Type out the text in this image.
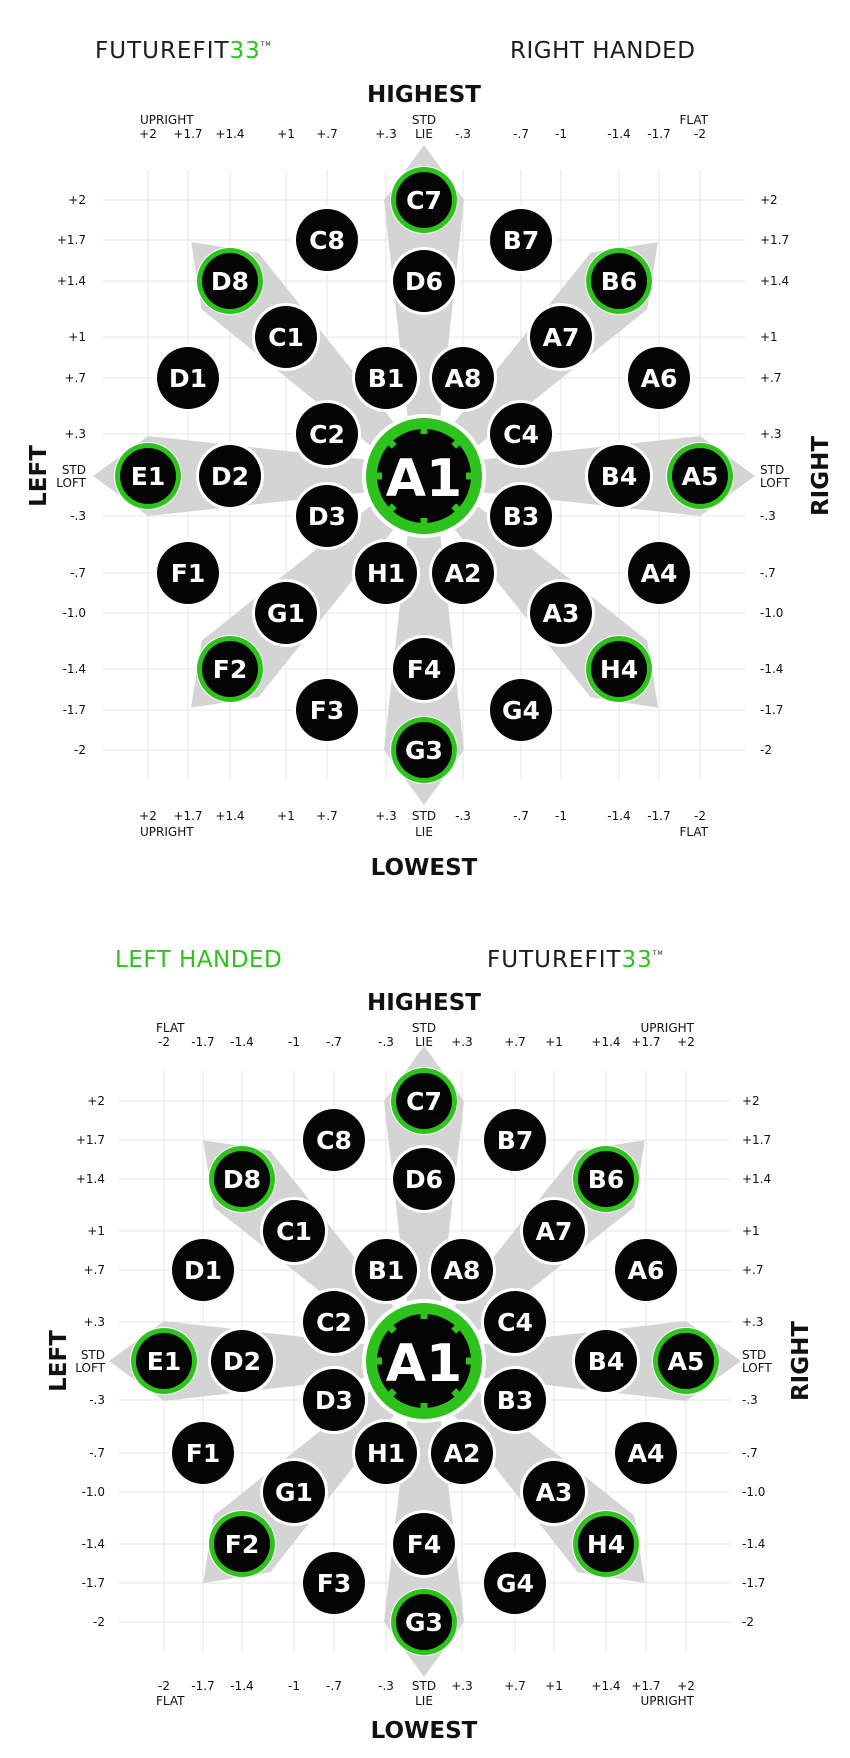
FUTUREFIT33™	RIGHT HANDED
C7
C8	B7
D8	D6	B6
C1	A7
D1	B1 A8	A6
C2	C4
E1 D2	B4 A5
D3	B3
F1	H1 A2	A4
G1	A3
F2	F4	H4
F3	G4
G3
A1
HIGHEST
LOWEST
LEFT	RIGHT
+2
+2
+1.7
+1.7
+1.4
+1.4
+1
+1
+.7
+.7
+.3
+.3
STD
LIE
STD
LIE
-.3
-.3
-.7
-.7
-1
-1
-1.4
-1.4
-1.7
-1.7
-2
-2
UPRIGHT	FLAT
UPRIGHT	FLAT
+2	+2
+1.7	+1.7
+1.4	+1.4
+1	+1
+.7	+.7
+.3	+.3
STD
LOFT
STD
LOFT
-.3	-.3
-.7	-.7
-1.0	-1.0
-1.4	-1.4
-1.7	-1.7
-2	-2
FUTUREFIT33™
LEFT HANDED
C7
C8	B7
D8	D6	B6
C1	A7
D1	B1 A8	A6
C2	C4
E1 D2	B4 A5
D3	B3
F1	H1 A2	A4
G1	A3
F2	F4	H4
F3	G4
G3
A1
HIGHEST
LOWEST
LEFT	RIGHT
-2
-2
-1.7
-1.7
-1.4
-1.4
-1
-1
-.7
-.7
-.3
-.3
STD
LIE
STD
LIE
+.3
+.3
+.7
+.7
+1
+1
+1.4
+1.4
+1.7
+1.7
+2
+2
FLAT	UPRIGHT
FLAT	UPRIGHT
+2	+2
+1.7	+1.7
+1.4	+1.4
+1	+1
+.7	+.7
+.3	+.3
STD
LOFT
STD
LOFT
-.3	-.3
-.7	-.7
-1.0	-1.0
-1.4	-1.4
-1.7	-1.7
-2	-2
